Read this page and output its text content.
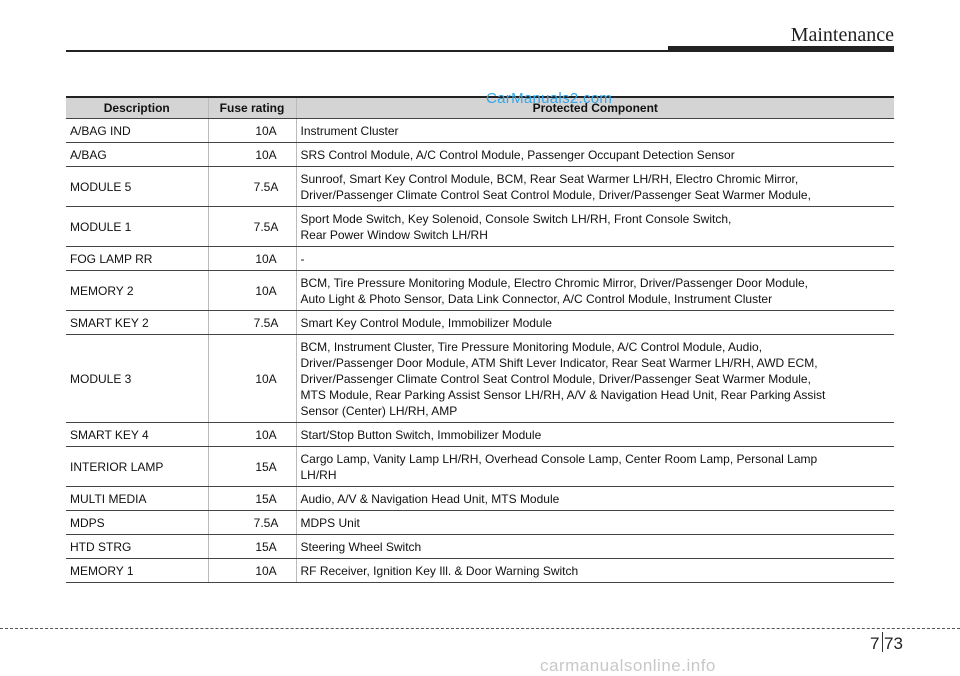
Maintenance
CarManuals2.com
Description	Fuse rating	Protected Component
A/BAG IND	10A	Instrument Cluster
A/BAG	10A	SRS Control Module, A/C Control Module, Passenger Occupant Detection Sensor
MODULE 5	7.5A	Sunroof, Smart Key Control Module, BCM, Rear Seat Warmer LH/RH, Electro Chromic Mirror,
Driver/Passenger Climate Control Seat Control Module, Driver/Passenger Seat Warmer Module,
MODULE 1	7.5A	Sport Mode Switch, Key Solenoid, Console Switch LH/RH, Front Console Switch,
Rear Power Window Switch LH/RH
FOG LAMP RR	10A	-
MEMORY 2	10A	BCM, Tire Pressure Monitoring Module, Electro Chromic Mirror, Driver/Passenger Door Module,
Auto Light & Photo Sensor, Data Link Connector, A/C Control Module, Instrument Cluster
SMART KEY 2	7.5A	Smart Key Control Module, Immobilizer Module
MODULE 3	10A	BCM, Instrument Cluster, Tire Pressure Monitoring Module, A/C Control Module, Audio,
Driver/Passenger Door Module, ATM Shift Lever Indicator, Rear Seat Warmer LH/RH, AWD ECM,
Driver/Passenger Climate Control Seat Control Module, Driver/Passenger Seat Warmer Module,
MTS Module, Rear Parking Assist Sensor LH/RH, A/V & Navigation Head Unit, Rear Parking Assist
Sensor (Center) LH/RH, AMP
SMART KEY 4	10A	Start/Stop Button Switch, Immobilizer Module
INTERIOR LAMP	15A	Cargo Lamp, Vanity Lamp LH/RH, Overhead Console Lamp, Center Room Lamp, Personal Lamp
LH/RH
MULTI MEDIA	15A	Audio, A/V & Navigation Head Unit, MTS Module
MDPS	7.5A	MDPS Unit
HTD STRG	15A	Steering Wheel Switch
MEMORY 1	10A	RF Receiver, Ignition Key Ill. & Door Warning Switch
7 73
carmanualsonline.info
